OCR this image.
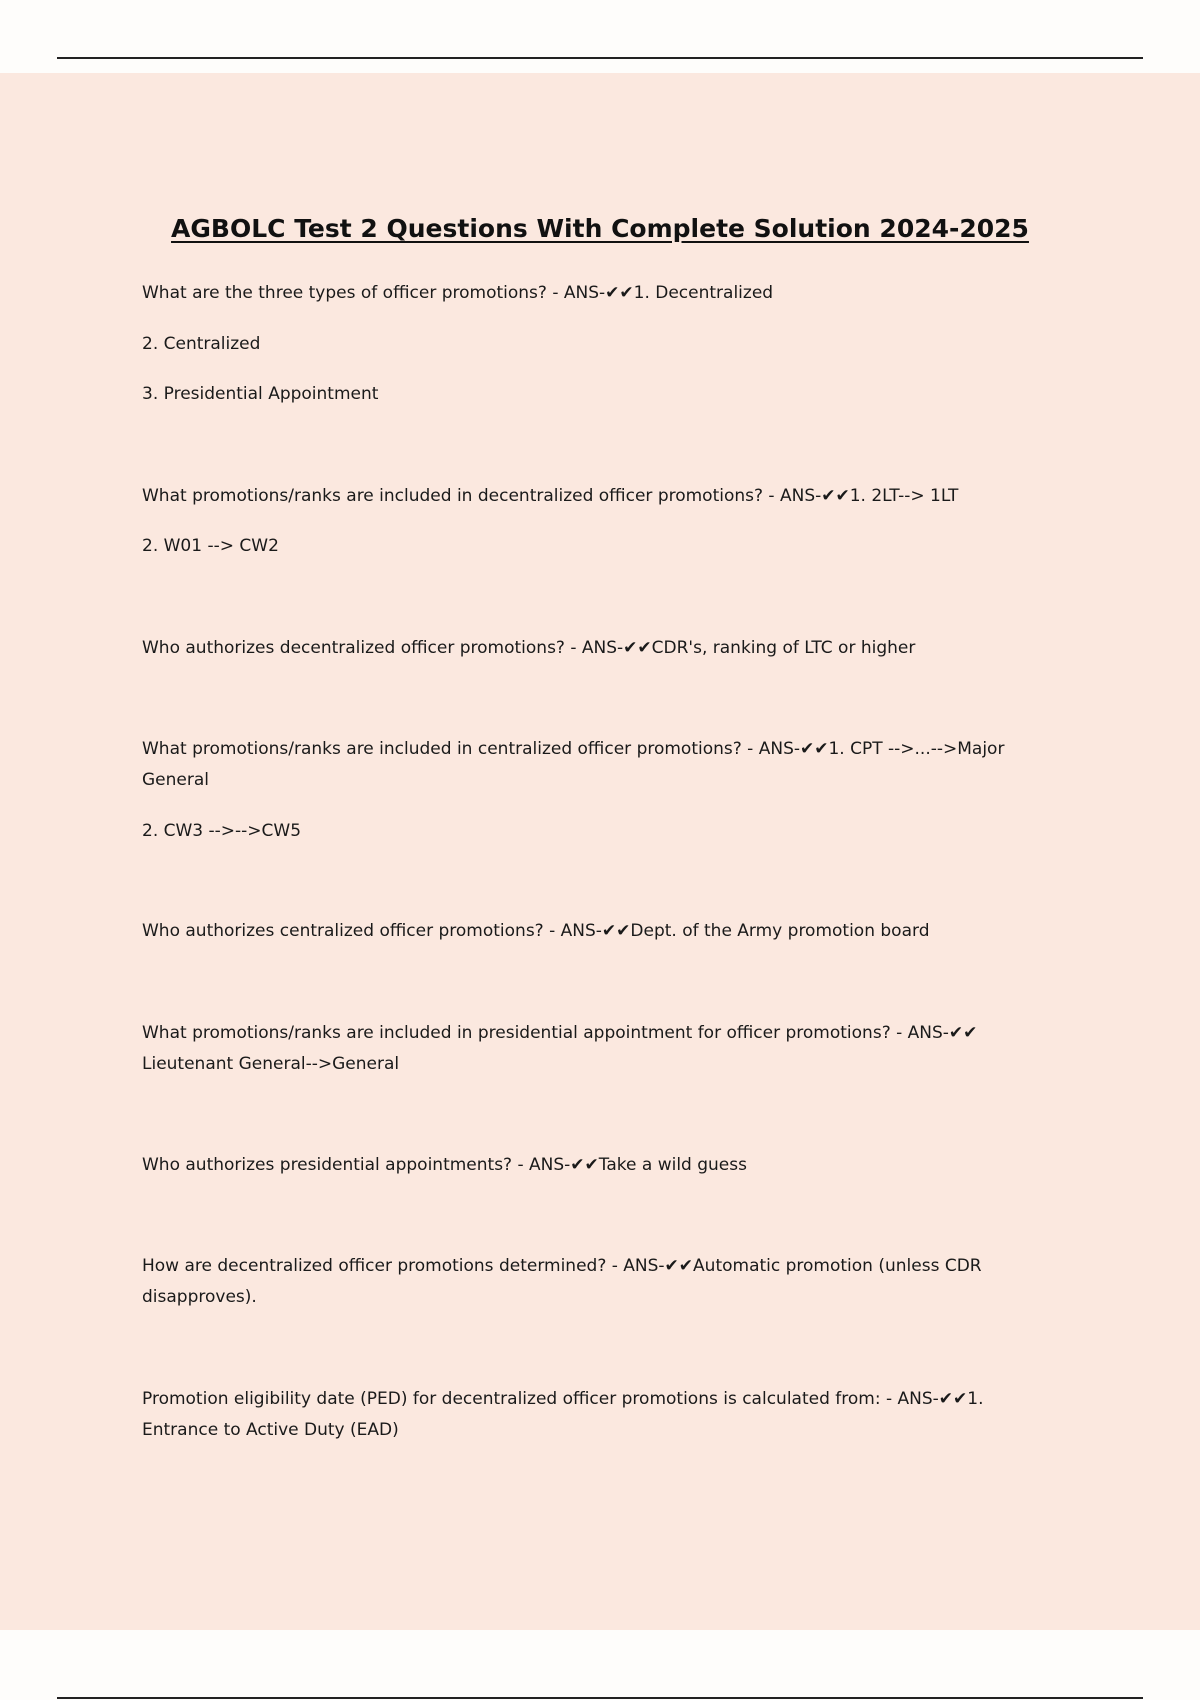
AGBOLC Test 2 Questions With Complete Solution 2024-2025
What are the three types of officer promotions? - ANS-✔✔1. Decentralized
2. Centralized
3. Presidential Appointment
What promotions/ranks are included in decentralized officer promotions? - ANS-✔✔1. 2LT--> 1LT
2. W01 --> CW2
Who authorizes decentralized officer promotions? - ANS-✔✔CDR's, ranking of LTC or higher
What promotions/ranks are included in centralized officer promotions? - ANS-✔✔1. CPT -->...-->Major
General
2. CW3 -->-->CW5
Who authorizes centralized officer promotions? - ANS-✔✔Dept. of the Army promotion board
What promotions/ranks are included in presidential appointment for officer promotions? - ANS-✔✔
Lieutenant General-->General
Who authorizes presidential appointments? - ANS-✔✔Take a wild guess
How are decentralized officer promotions determined? - ANS-✔✔Automatic promotion (unless CDR
disapproves).
Promotion eligibility date (PED) for decentralized officer promotions is calculated from: - ANS-✔✔1.
Entrance to Active Duty (EAD)
